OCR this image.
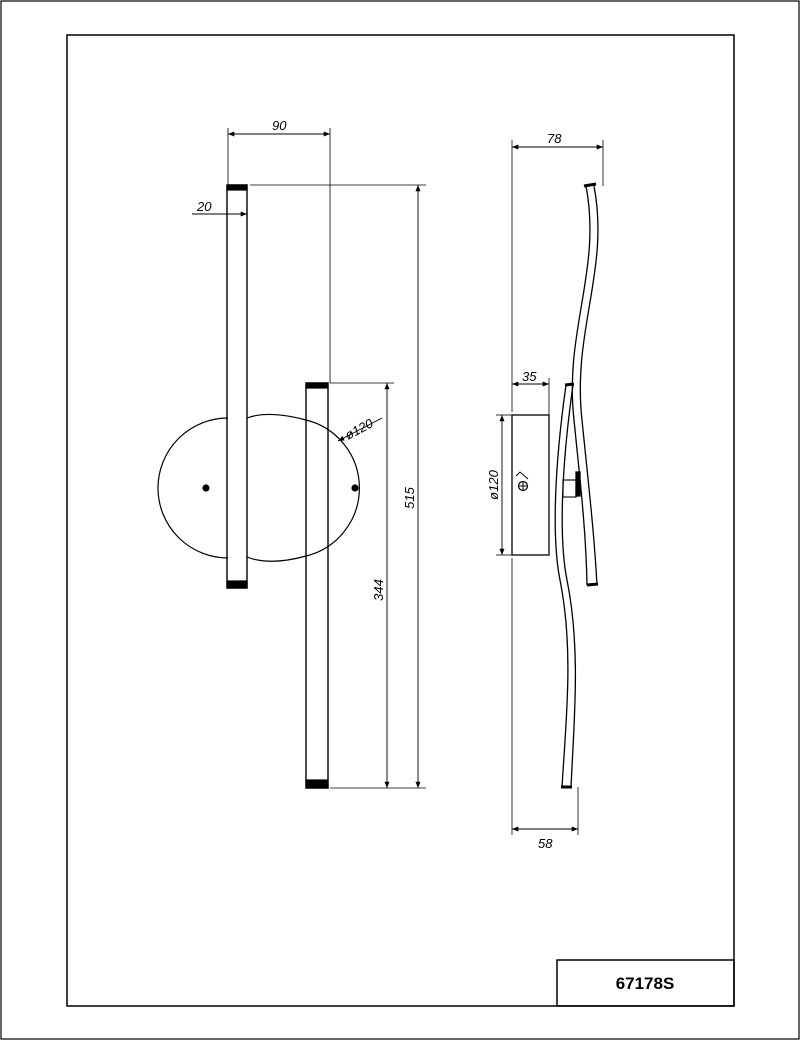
90
20
515
344
ø120
78
35
ø120
58
67178S
